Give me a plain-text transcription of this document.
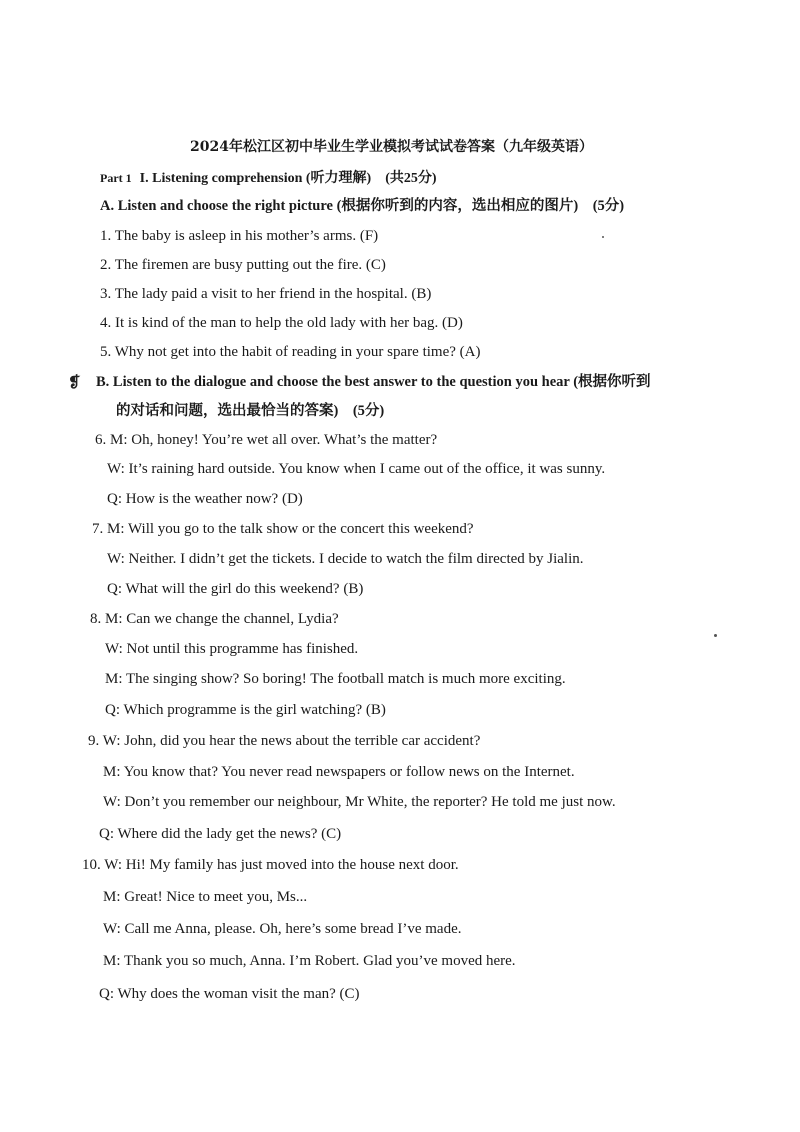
2024年松江区初中毕业生学业模拟考试试卷答案（九年级英语）
Part 1 I. Listening comprehension (听力理解)　(共25分)
A. Listen and choose the right picture (根据你听到的内容，选出相应的图片)　(5分)
1. The baby is asleep in his mother’s arms. (F)
2. The firemen are busy putting out the fire. (C)
3. The lady paid a visit to her friend in the hospital. (B)
4. It is kind of the man to help the old lady with her bag. (D)
5. Why not get into the habit of reading in your spare time? (A)
❡ B. Listen to the dialogue and choose the best answer to the question you hear (根据你听到
的对话和问题，选出最恰当的答案)　(5分)
6. M: Oh, honey! You’re wet all over. What’s the matter?
W: It’s raining hard outside. You know when I came out of the office, it was sunny.
Q: How is the weather now? (D)
7. M: Will you go to the talk show or the concert this weekend?
W: Neither. I didn’t get the tickets. I decide to watch the film directed by Jialin.
Q: What will the girl do this weekend? (B)
8. M: Can we change the channel, Lydia?
W: Not until this programme has finished.
M: The singing show? So boring! The football match is much more exciting.
Q: Which programme is the girl watching? (B)
9. W: John, did you hear the news about the terrible car accident?
M: You know that? You never read newspapers or follow news on the Internet.
W: Don’t you remember our neighbour, Mr White, the reporter? He told me just now.
Q: Where did the lady get the news? (C)
10. W: Hi! My family has just moved into the house next door.
M: Great! Nice to meet you, Ms...
W: Call me Anna, please. Oh, here’s some bread I’ve made.
M: Thank you so much, Anna. I’m Robert. Glad you’ve moved here.
Q: Why does the woman visit the man? (C)
